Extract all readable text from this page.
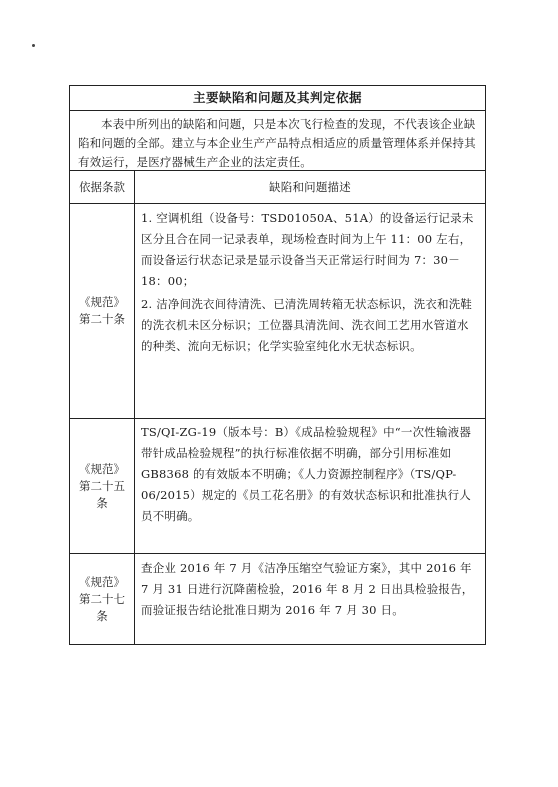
主要缺陷和问题及其判定依据
本表中所列出的缺陷和问题，只是本次飞行检查的发现，不代表该企业缺陷和问题的全部。建立与本企业生产产品特点相适应的质量管理体系并保持其有效运行，是医疗器械生产企业的法定责任。
依据条款	缺陷和问题描述
《规范》
第二十条

1. 空调机组（设备号：TSD01050A、51A）的设备运行记录未区分且合在同一记录表单，现场检查时间为上午 11：00 左右，而设备运行状态记录是显示设备当天正常运行时间为 7：30－18：00；

2. 洁净间洗衣间待清洗、已清洗周转箱无状态标识，洗衣和洗鞋的洗衣机未区分标识；工位器具清洗间、洗衣间工艺用水管道水的种类、流向无标识；化学实验室纯化水无状态标识。

《规范》
第二十五
条

TS/QI-ZG-19（版本号：B）《成品检验规程》中“一次性输液器 带针成品检验规程”的执行标准依据不明确，部分引用标准如 GB8368 的有效版本不明确；《人力资源控制程序》（TS/QP-06/2015）规定的《员工花名册》的有效状态标识和批准执行人员不明确。

《规范》
第二十七
条

查企业 2016 年 7 月《洁净压缩空气验证方案》，其中 2016 年 7 月 31 日进行沉降菌检验，2016 年 8 月 2 日出具检验报告，而验证报告结论批准日期为 2016 年 7 月 30 日。
